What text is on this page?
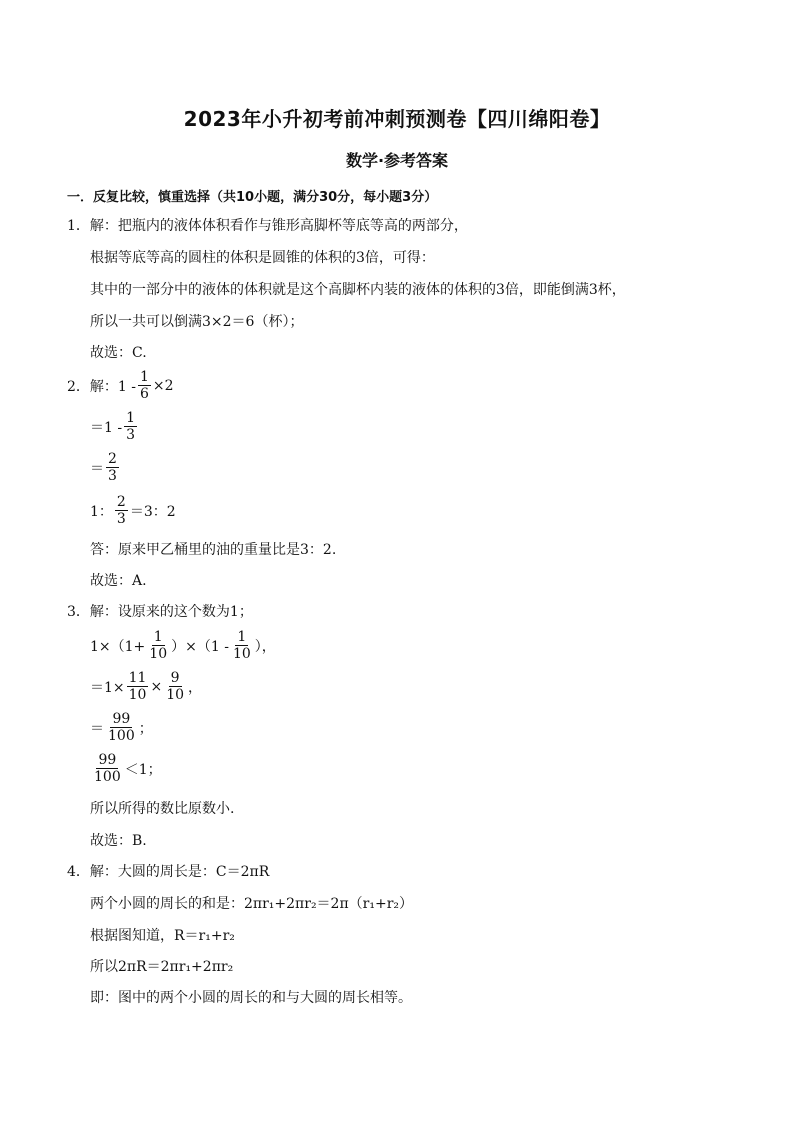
2023年小升初考前冲刺预测卷【四川绵阳卷】
数学·参考答案
一．反复比较，慎重选择（共10小题，满分30分，每小题3分）
1．解：把瓶内的液体体积看作与锥形高脚杯等底等高的两部分，
根据等底等高的圆柱的体积是圆锥的体积的3倍，可得：
其中的一部分中的液体的体积就是这个高脚杯内装的液体的体积的3倍，即能倒满3杯，
所以一共可以倒满3×2＝6（杯）；
故选：C.
2．解：$1 - \frac{1}{6} \times 2$
$=1 - \frac{1}{3}$
＝ $\frac{2}{3}$
1： $\frac{2}{3} =3$：2
答：原来甲乙桶里的油的重量比是3：2.
故选：A.
3．解：设原来的这个数为1；
$1\times(1+ \frac{1}{10} )\times(1 - \frac{1}{10}$ ），
$=1\times \frac{11}{10} \times \frac{9}{10}$ ，
＝ $\frac{99}{100}$ ；
$\frac{99}{100} <1$；
所以所得的数比原数小.
故选：B.
4．解：大圆的周长是：C＝2πR
两个小圆的周长的和是：2πr₁+2πr₂＝2π（r₁+r₂）
根据图知道，R＝r₁+r₂
所以2πR＝2πr₁+2πr₂
即：图中的两个小圆的周长的和与大圆的周长相等。
